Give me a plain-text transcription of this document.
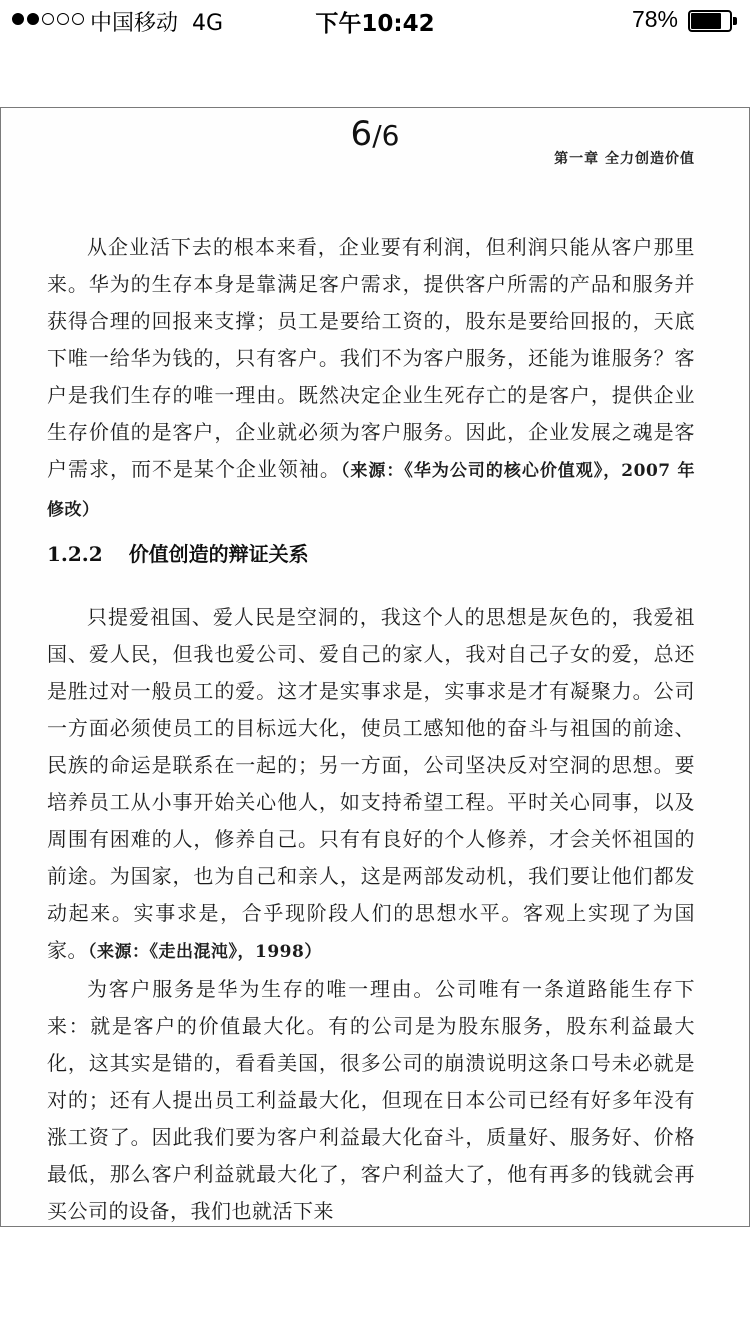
中国移动 4G	下午10:42	78%
6/6
第一章 全力创造价值
从企业活下去的根本来看，企业要有利润，但利润只能从客户那里来。华为的生存本身是靠满足客户需求，提供客户所需的产品和服务并获得合理的回报来支撑；员工是要给工资的，股东是要给回报的，天底下唯一给华为钱的，只有客户。我们不为客户服务，还能为谁服务？客户是我们生存的唯一理由。既然决定企业生死存亡的是客户，提供企业生存价值的是客户，企业就必须为客户服务。因此，企业发展之魂是客户需求，而不是某个企业领袖。（来源：《华为公司的核心价值观》，2007 年修改）
1.2.2 价值创造的辩证关系
只提爱祖国、爱人民是空洞的，我这个人的思想是灰色的，我爱祖国、爱人民，但我也爱公司、爱自己的家人，我对自己子女的爱，总还是胜过对一般员工的爱。这才是实事求是，实事求是才有凝聚力。公司一方面必须使员工的目标远大化，使员工感知他的奋斗与祖国的前途、民族的命运是联系在一起的；另一方面，公司坚决反对空洞的思想。要培养员工从小事开始关心他人，如支持希望工程。平时关心同事，以及周围有困难的人，修养自己。只有有良好的个人修养，才会关怀祖国的前途。为国家，也为自己和亲人，这是两部发动机，我们要让他们都发动起来。实事求是，合乎现阶段人们的思想水平。客观上实现了为国家。（来源：《走出混沌》，1998）
为客户服务是华为生存的唯一理由。公司唯有一条道路能生存下来：就是客户的价值最大化。有的公司是为股东服务，股东利益最大化，这其实是错的，看看美国，很多公司的崩溃说明这条口号未必就是对的；还有人提出员工利益最大化，但现在日本公司已经有好多年没有涨工资了。因此我们要为客户利益最大化奋斗，质量好、服务好、价格最低，那么客户利益就最大化了，客户利益大了，他有再多的钱就会再买公司的设备，我们也就活下来
